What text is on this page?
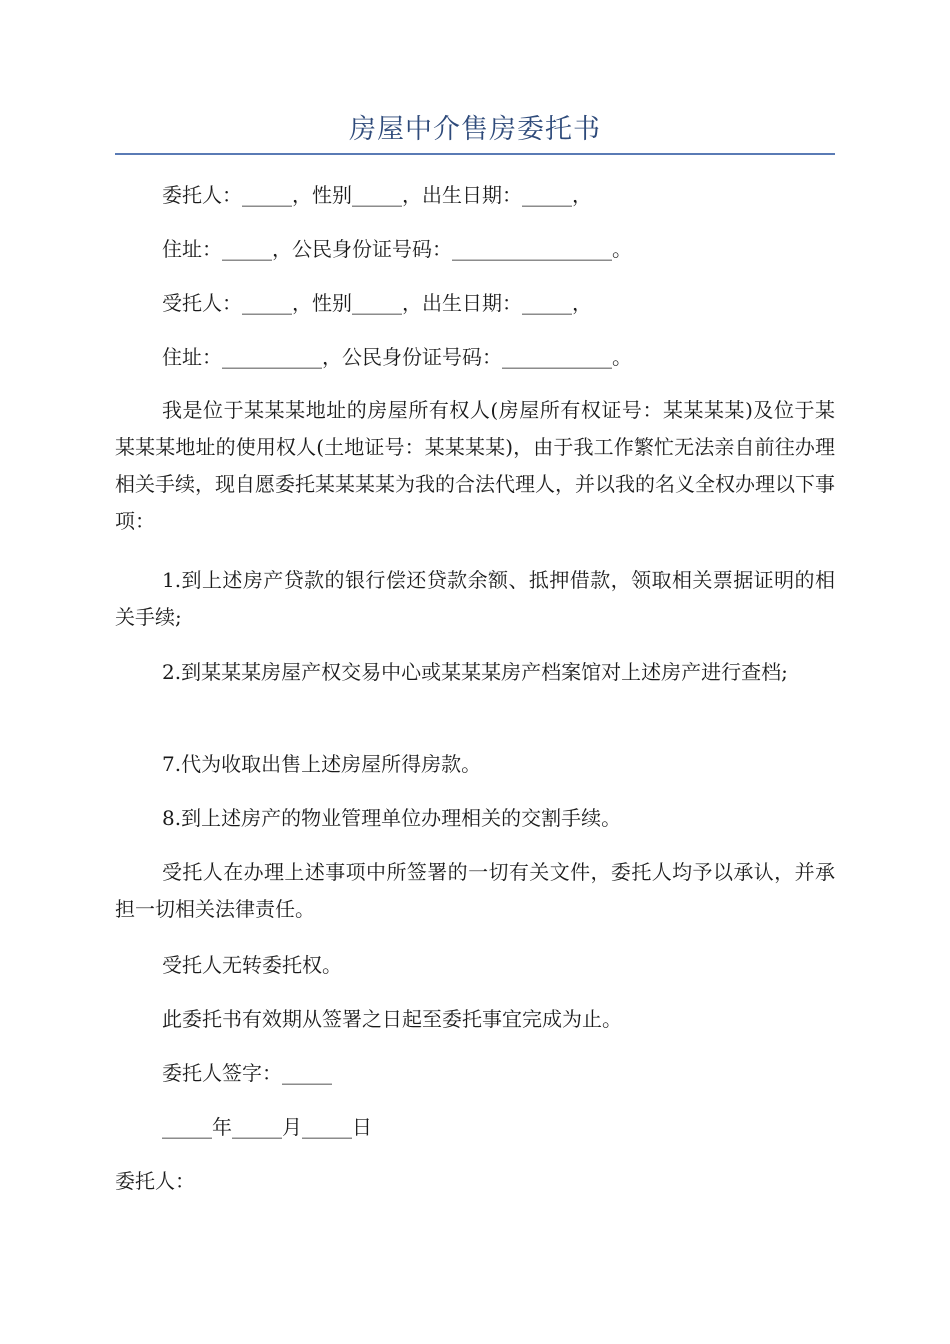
房屋中介售房委托书
委托人：_____，性别_____，出生日期：_____，
住址：_____，公民身份证号码：________________。
受托人：_____，性别_____，出生日期：_____，
住址：__________，公民身份证号码：___________。
我是位于某某某地址的房屋所有权人(房屋所有权证号：某某某某)及位于某某某某地址的使用权人(土地证号：某某某某)，由于我工作繁忙无法亲自前往办理相关手续，现自愿委托某某某某为我的合法代理人，并以我的名义全权办理以下事项：
1.到上述房产贷款的银行偿还贷款余额、抵押借款，领取相关票据证明的相关手续;
2.到某某某房屋产权交易中心或某某某房产档案馆对上述房产进行查档;
7.代为收取出售上述房屋所得房款。
8.到上述房产的物业管理单位办理相关的交割手续。
受托人在办理上述事项中所签署的一切有关文件，委托人均予以承认，并承担一切相关法律责任。
受托人无转委托权。
此委托书有效期从签署之日起至委托事宜完成为止。
委托人签字：_____
_____年_____月_____日
委托人：
